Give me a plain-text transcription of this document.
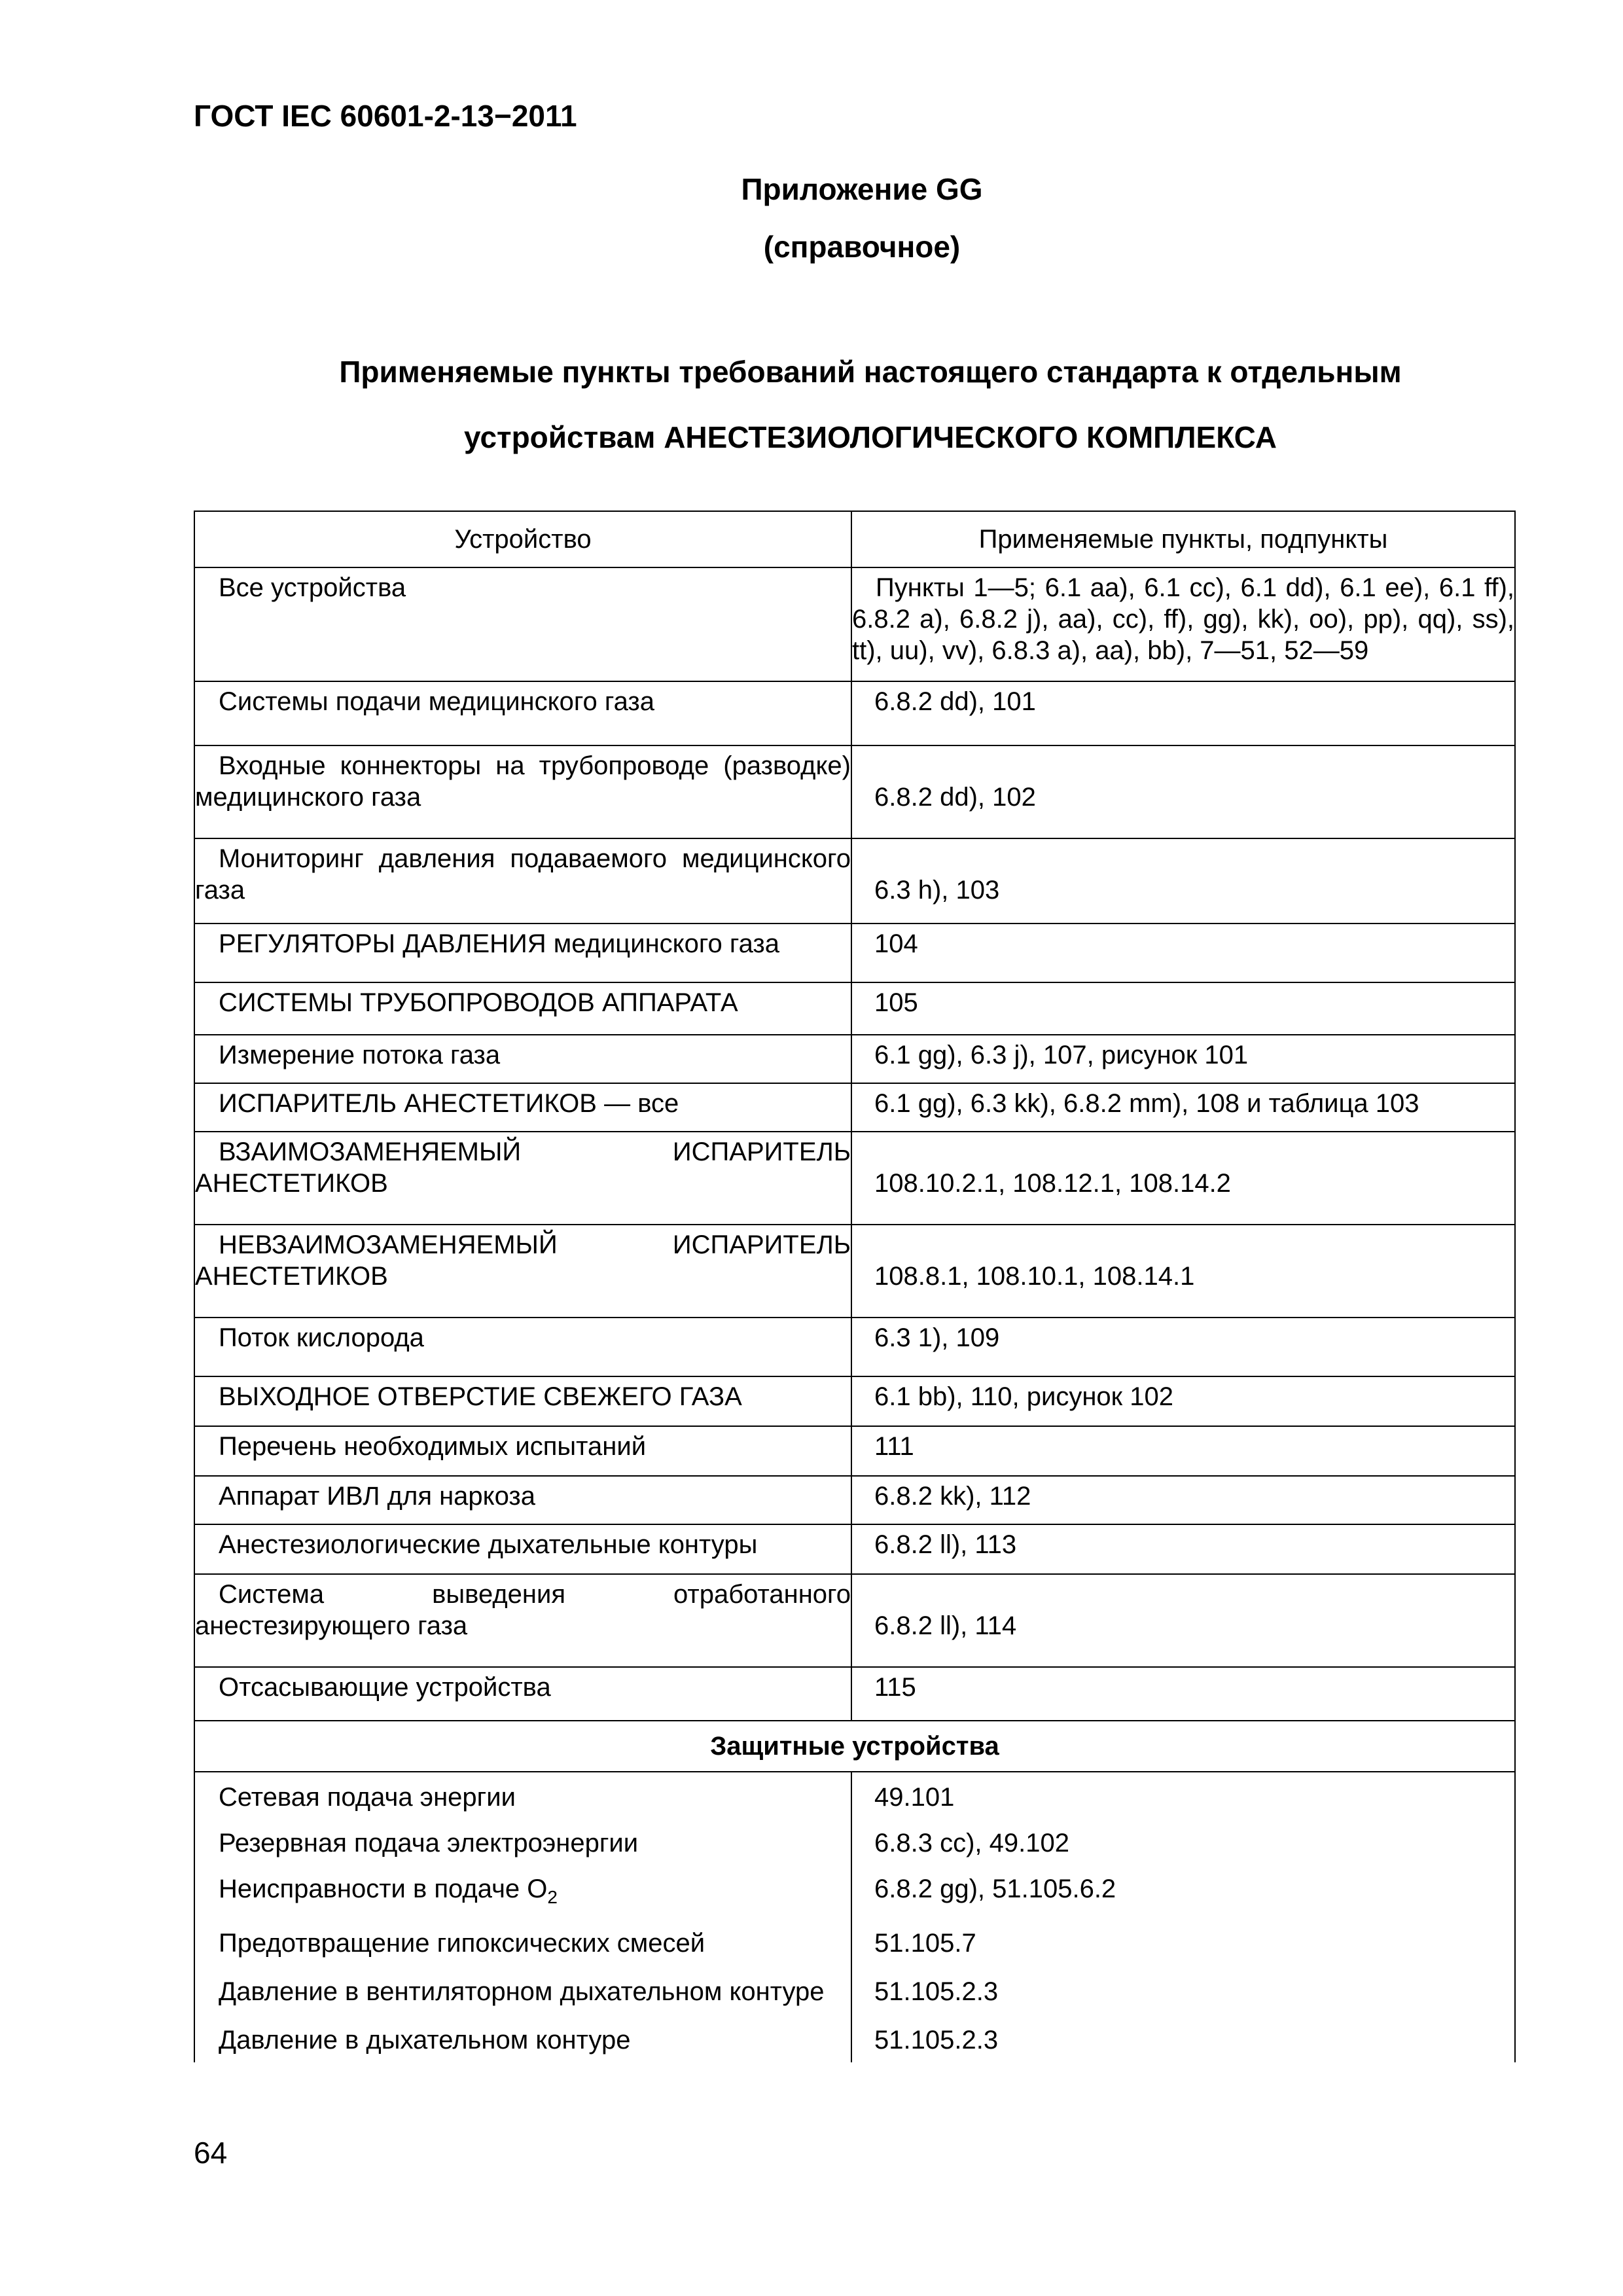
ГОСТ IEC 60601-2-13−2011
Приложение GG
(справочное)
Применяемые пункты требований настоящего стандарта к отдельным
устройствам АНЕСТЕЗИОЛОГИЧЕСКОГО КОМПЛЕКСА
Устройство	Применяемые пункты, подпункты
Все устройства	Пункты 1—5; 6.1 aa), 6.1 cc), 6.1 dd), 6.1 ee), 6.1 ff), 6.8.2 a), 6.8.2 j), aa), cc), ff), gg), kk), oo), pp), qq), ss), tt), uu), vv), 6.8.3 a), aa), bb), 7—51, 52—59
Системы подачи медицинского газа	6.8.2 dd), 101
Входные коннекторы на трубопроводе (разводке) медицинского газа	6.8.2 dd), 102
Мониторинг давления подаваемого медицинского газа	6.3 h), 103
РЕГУЛЯТОРЫ ДАВЛЕНИЯ медицинского газа	104
СИСТЕМЫ ТРУБОПРОВОДОВ АППАРАТА	105
Измерение потока газа	6.1 gg), 6.3 j), 107, рисунок 101
ИСПАРИТЕЛЬ АНЕСТЕТИКОВ — все	6.1 gg), 6.3 kk), 6.8.2 mm), 108 и таблица 103
ВЗАИМОЗАМЕНЯЕМЫЙ ИСПАРИТЕЛЬ АНЕСТЕТИКОВ	108.10.2.1, 108.12.1, 108.14.2
НЕВЗАИМОЗАМЕНЯЕМЫЙ ИСПАРИТЕЛЬ АНЕСТЕТИКОВ	108.8.1, 108.10.1, 108.14.1
Поток кислорода	6.3 1), 109
ВЫХОДНОЕ ОТВЕРСТИЕ СВЕЖЕГО ГАЗА	6.1 bb), 110, рисунок 102
Перечень необходимых испытаний	111
Аппарат ИВЛ для наркоза	6.8.2 kk), 112
Анестезиологические дыхательные контуры	6.8.2 ll), 113
Система выведения отработанного анестезирующего газа	6.8.2 ll), 114
Отсасывающие устройства	115
Защитные устройства	
Сетевая подача энергии	49.101
Резервная подача электроэнергии	6.8.3 cc), 49.102
Неисправности в подаче $O_2$	6.8.2 gg), 51.105.6.2
Предотвращение гипоксических смесей	51.105.7
Давление в вентиляторном дыхательном контуре	51.105.2.3
Давление в дыхательном контуре	51.105.2.3
64
